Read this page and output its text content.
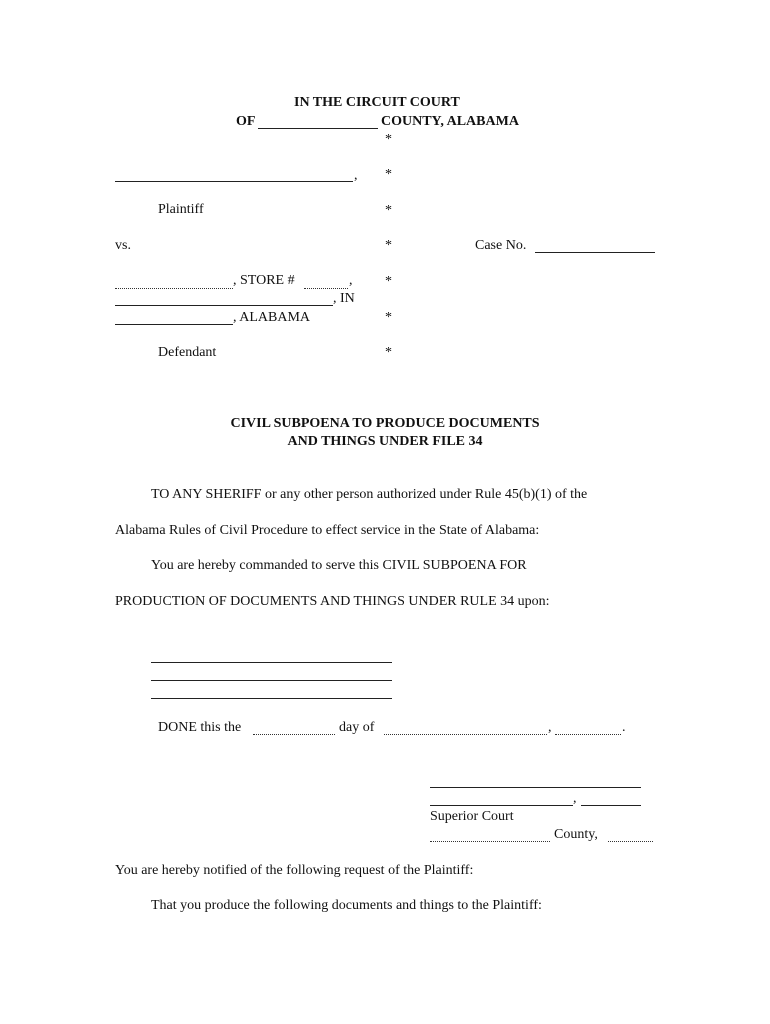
IN THE CIRCUIT COURT
OF	COUNTY, ALABAMA
*
*
*
*
*
*
*
,
Plaintiff
vs.	Case No.
, STORE #	,
, IN
, ALABAMA
Defendant
CIVIL SUBPOENA TO PRODUCE DOCUMENTS
AND THINGS UNDER FILE 34
TO ANY SHERIFF or any other person authorized under Rule 45(b)(1) of the
Alabama Rules of Civil Procedure to effect service in the State of Alabama:
You are hereby commanded to serve this CIVIL SUBPOENA FOR
PRODUCTION OF DOCUMENTS AND THINGS UNDER RULE 34 upon:
DONE this the	day of	,	.
,
Superior Court
County,
You are hereby notified of the following request of the Plaintiff:
That you produce the following documents and things to the Plaintiff:
